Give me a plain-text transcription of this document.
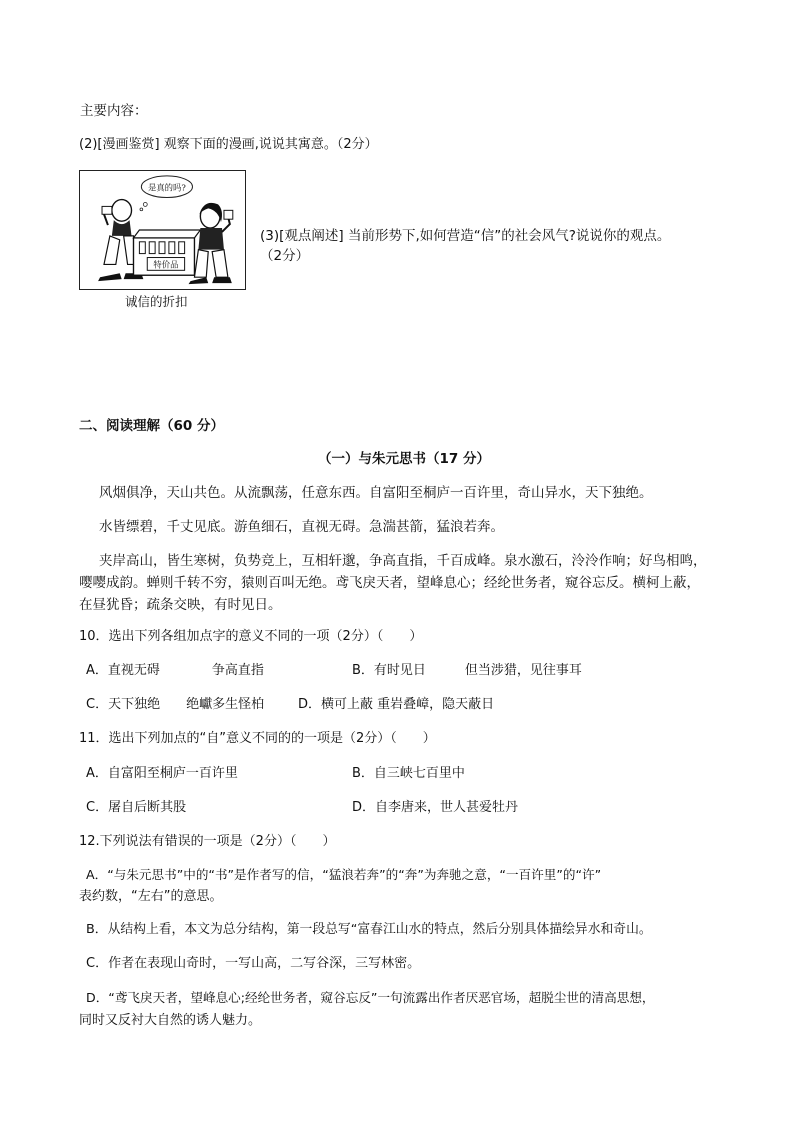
主要内容：
(2)[漫画鉴赏] 观察下面的漫画,说说其寓意。（2分）
是真的吗?
特价品
诚信的折扣
(3)[观点阐述] 当前形势下,如何营造“信”的社会风气?说说你的观点。
（2分）
二、阅读理解（60 分）
（一）与朱元思书（17 分）
风烟俱净，天山共色。从流飘荡，任意东西。自富阳至桐庐一百许里，奇山异水，天下独绝。
水皆缥碧，千丈见底。游鱼细石，直视无碍。急湍甚箭，猛浪若奔。
夹岸高山，皆生寒树，负势竞上，互相轩邈，争高直指，千百成峰。泉水激石，泠泠作响；好鸟相鸣，
嘤嘤成韵。蝉则千转不穷，猿则百叫无绝。鸢飞戾天者，望峰息心；经纶世务者，窥谷忘反。横柯上蔽，
在昼犹昏；疏条交映，有时见日。
10．选出下列各组加点字的意义不同的一项（2分）（　　）
A．直视无碍　　　　争高直指	B．有时见日　　　但当涉猎，见往事耳
C．天下独绝　　绝巘多生怪柏	D．横可上蔽 重岩叠嶂，隐天蔽日
11．选出下列加点的“自”意义不同的的一项是（2分）（　　）
A．自富阳至桐庐一百许里	B．自三峡七百里中
C．屠自后断其股	D．自李唐来，世人甚爱牡丹
12.下列说法有错误的一项是（2分）（　　）
A．“与朱元思书”中的“书”是作者写的信，“猛浪若奔”的“奔”为奔驰之意，“一百许里”的“许”
表约数，“左右”的意思。
B．从结构上看，本文为总分结构，第一段总写“富春江山水的特点，然后分别具体描绘异水和奇山。
C．作者在表现山奇时，一写山高，二写谷深，三写林密。
D．“鸢飞戾天者，望峰息心;经纶世务者，窥谷忘反”一句流露出作者厌恶官场，超脱尘世的清高思想，
同时又反衬大自然的诱人魅力。
